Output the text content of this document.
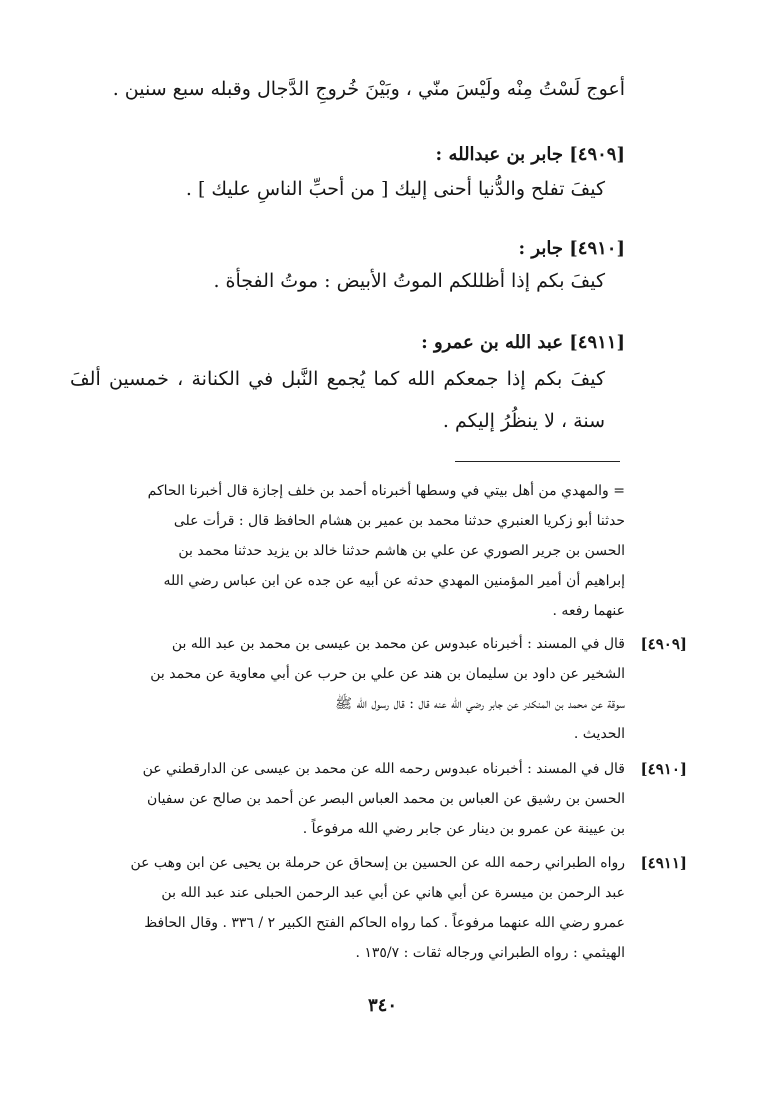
أعوج لَسْتُ مِنْه ولَيْسَ منّي ، وبَيْنَ خُروجِ الدَّجال وقبله سبع سنين .
[٤٩٠٩] جابر بن عبدالله :
كيفَ تفلح والدُّنيا أحنى إليك [ من أحبِّ الناسِ عليك ] .
[٤٩١٠] جابر :
كيفَ بكم إذا أظللكم الموتُ الأبيض : موتُ الفجأة .
[٤٩١١] عبد الله بن عمرو :
كيفَ بكم إذا جمعكم الله كما يُجمع النَّبل في الكنانة ، خمسين ألفَ
سنة ، لا ينظُرُ إليكم .
= والمهدي من أهل بيتي في وسطها أخبرناه أحمد بن خلف إجازة قال أخبرنا الحاكم
حدثنا أبو زكريا العنبري حدثنا محمد بن عمير بن هشام الحافظ قال : قرأت على
الحسن بن جرير الصوري عن علي بن هاشم حدثنا خالد بن يزيد حدثنا محمد بن
إبراهيم أن أمير المؤمنين المهدي حدثه عن أبيه عن جده عن ابن عباس رضي الله
عنهما رفعه .
[٤٩٠٩]
قال في المسند : أخبرناه عبدوس عن محمد بن عيسى بن محمد بن عبد الله بن
الشخير عن داود بن سليمان بن هند عن علي بن حرب عن أبي معاوية عن محمد بن
سوقة عن محمد بن المنكدر عن جابر رضي الله عنه قال : قال رسول الله ﷺ
الحديث .
[٤٩١٠]
قال في المسند : أخبرناه عبدوس رحمه الله عن محمد بن عيسى عن الدارقطني عن
الحسن بن رشيق عن العباس بن محمد العباس البصر عن أحمد بن صالح عن سفيان
بن عيينة عن عمرو بن دينار عن جابر رضي الله مرفوعاً .
[٤٩١١]
رواه الطبراني رحمه الله عن الحسين بن إسحاق عن حرملة بن يحيى عن ابن وهب عن
عبد الرحمن بن ميسرة عن أبي هاني عن أبي عبد الرحمن الحبلى عند عبد الله بن
عمرو رضي الله عنهما مرفوعاً . كما رواه الحاكم الفتح الكبير ٢ / ٣٣٦ . وقال الحافظ
الهيثمي : رواه الطبراني ورجاله ثقات : ١٣٥/٧ .
٣٤٠
